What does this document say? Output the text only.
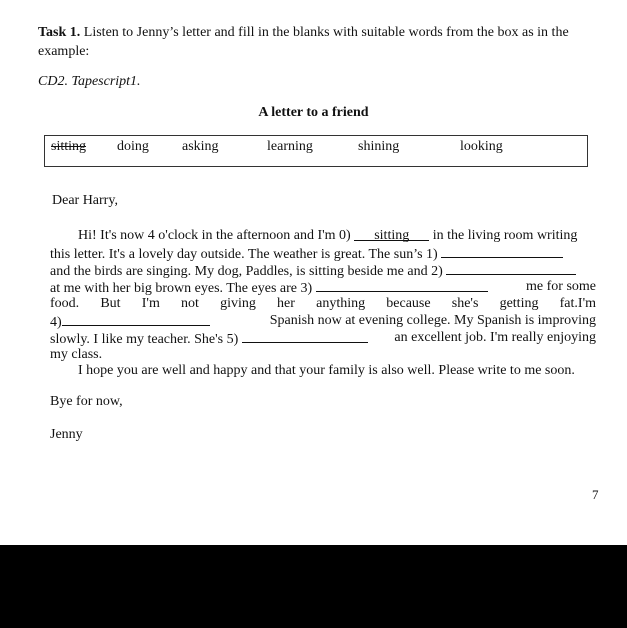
Task 1. Listen to Jenny’s letter and fill in the blanks with suitable words from the box as in the example:
CD2. Tapescript1.
A letter to a friend
sitting doing asking	learning	shining	looking
Dear Harry,
Hi! It's now 4 o'clock in the afternoon and I'm 0) sitting in the living room writing
this letter. It's a lovely day outside. The weather is great. The sun’s 1)
and the birds are singing. My dog, Paddles, is sitting beside me and 2)
at me with her big brown eyes. The eyes are 3)	me for some
food. But I'm not giving her anything because she's getting fat.I'm
4)	Spanish now at evening college. My Spanish is improving
slowly. I like my teacher. She's 5)	an excellent job. I'm really enjoying
my class.
I hope you are well and happy and that your family is also well. Please write to me soon.
Bye for now,
Jenny
7
